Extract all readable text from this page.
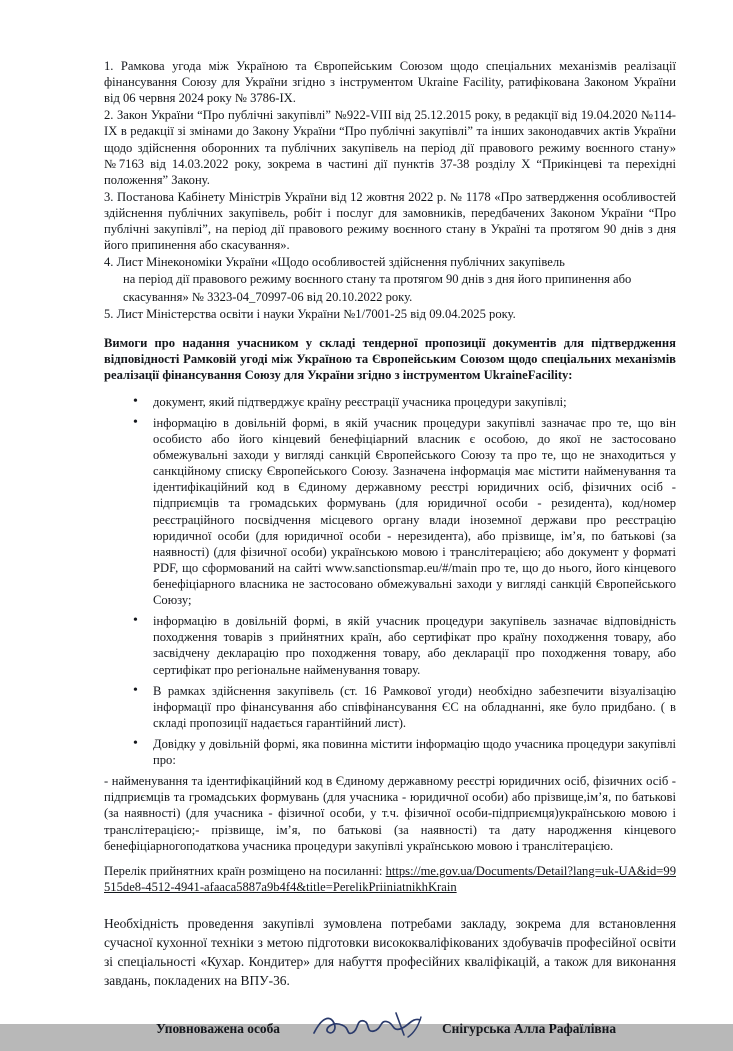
1. Рамкова угода між Україною та Європейським Союзом щодо спеціальних механізмів реалізації фінансування Союзу для України згідно з інструментом Ukraine Facility, ратифікована Законом України від 06 червня 2024 року № 3786-IX.

2. Закон України “Про публічні закупівлі” №922-VIII від 25.12.2015 року, в редакції від 19.04.2020 №114-ІХ в редакції зі змінами до Закону України “Про публічні закупівлі” та інших законодавчих актів України щодо здійснення оборонних та публічних закупівель на період дії правового режиму воєнного стану» №7163 від 14.03.2022 року, зокрема в частині дії пунктів 37-38 розділу Х “Прикінцеві та перехідні положення” Закону.

3. Постанова Кабінету Міністрів України від 12 жовтня 2022 р. № 1178 «Про затвердження особливостей здійснення публічних закупівель, робіт і послуг для замовників, передбачених Законом України “Про публічні закупівлі”, на період дії правового режиму воєнного стану в Україні та протягом 90 днів з дня його припинення або скасування».

4. Лист Мінекономіки України «Щодо особливостей здійснення публічних закупівель

на період дії правового режиму воєнного стану та протягом 90 днів з дня його припинення або

скасування» № 3323-04_70997-06 від 20.10.2022 року.

5. Лист Міністерства освіти і науки України №1/7001-25 від 09.04.2025 року.

Вимоги про надання учасником у складі тендерної пропозиції документів для підтвердження відповідності Рамковій угоді між Україною та Європейським Союзом щодо спеціальних механізмів реалізації фінансування Союзу для України згідно з інструментом UkraineFacility:

• документ, який підтверджує країну реєстрації учасника процедури закупівлі;
• інформацію в довільній формі, в якій учасник процедури закупівлі зазначає про те, що він особисто або його кінцевий бенефіціарний власник є особою, до якої не застосовано обмежувальні заходи у вигляді санкцій Європейського Союзу та про те, що не знаходиться у санкційному списку Європейського Союзу. Зазначена інформація має містити найменування та ідентифікаційний код в Єдиному державному реєстрі юридичних осіб, фізичних осіб - підприємців та громадських формувань (для юридичної особи - резидента), код/номер реєстраційного посвідчення місцевого органу влади іноземної держави про реєстрацію юридичної особи (для юридичної особи - нерезидента), або прізвище, ім’я, по батькові (за наявності) (для фізичної особи) українською мовою і транслітерацією; або документ у форматі PDF, що сформований на сайті www.sanctionsmap.eu/#/main про те, що до нього, його кінцевого бенефіціарного власника не застосовано обмежувальні заходи у вигляді санкцій Європейського Союзу;
• інформацію в довільній формі, в якій учасник процедури закупівель зазначає відповідність походження товарів з прийнятних країн, або сертифікат про країну походження товару, або засвідчену декларацію про походження товару, або декларації про походження товару, або сертифікат про регіональне найменування товару.
• В рамках здійснення закупівель (ст. 16 Рамкової угоди) необхідно забезпечити візуалізацію інформації про фінансування або співфінансування ЄС на обладнанні, яке було придбано. ( в складі пропозиції надається гарантійний лист).
• Довідку у довільній формі, яка повинна містити інформацію щодо учасника процедури закупівлі про:

- найменування та ідентифікаційний код в Єдиному державному реєстрі юридичних осіб, фізичних осіб - підприємців та громадських формувань (для учасника - юридичної особи) або прізвище,ім’я, по батькові (за наявності) (для учасника - фізичної особи, у т.ч. фізичної особи-підприємця)українською мовою і транслітерацією;- прізвище, ім’я, по батькові (за наявності) та дату народження кінцевого бенефіціарногоподаткова учасника процедури закупівлі українською мовою і транслітерацією.

Перелік прийнятних країн розміщено на посиланні: https://me.gov.ua/Documents/Detail?lang=uk-UA&id=99515de8-4512-4941-afaaca5887a9b4f4&title=PerelikPriiniatnikhKrain

Необхідність проведення закупівлі зумовлена потребами закладу, зокрема для встановлення сучасної кухонної техніки з метою підготовки висококваліфікованих здобувачів професійної освіти зі спеціальності «Кухар. Кондитер» для набуття професійних кваліфікацій, а також для виконання завдань, покладених на ВПУ-36.

Уповноважена особа	Снігурська Алла Рафаїлівна
